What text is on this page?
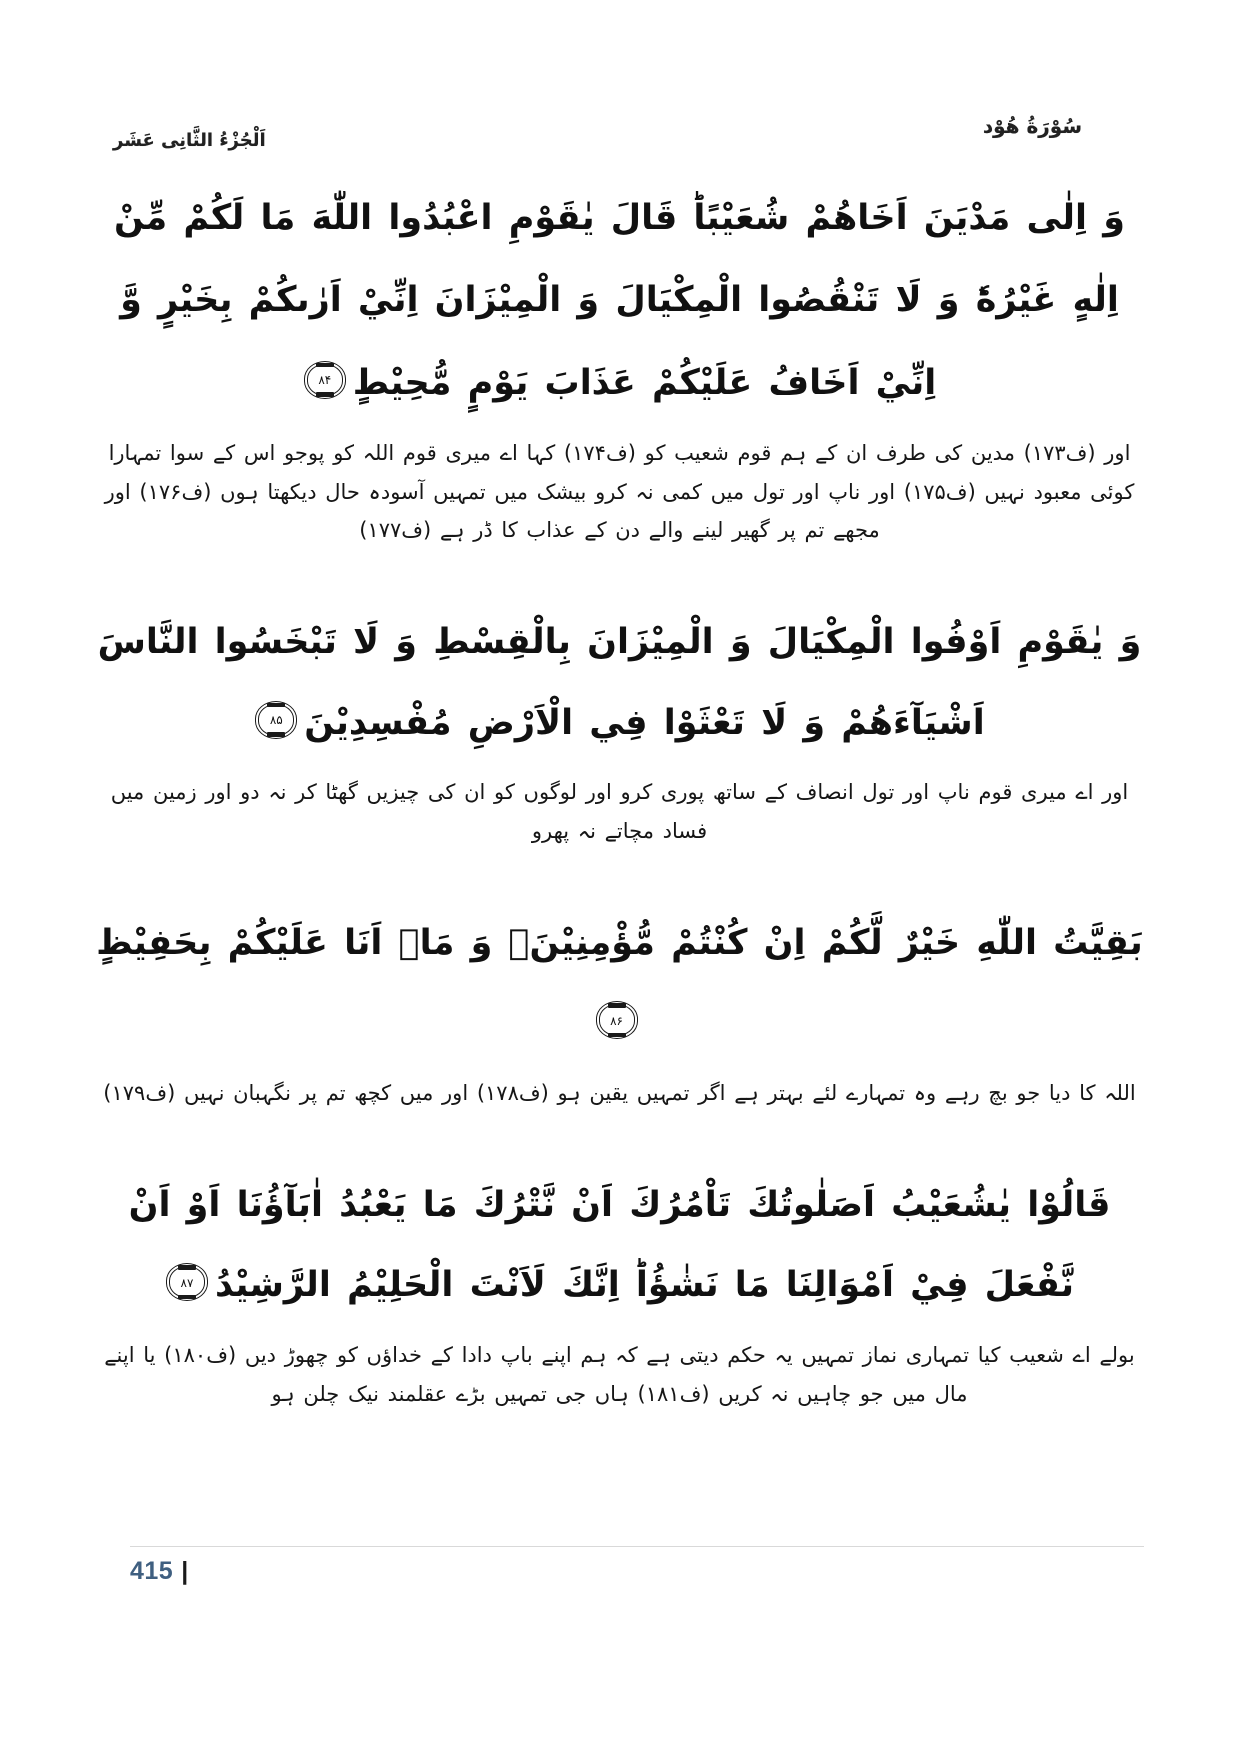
اَلْجُزْءُ الثَّانِی عَشَر
سُوْرَةُ هُوْد

وَ اِلٰى مَدْيَنَ اَخَاهُمْ شُعَيْبًاؕ قَالَ يٰقَوْمِ اعْبُدُوا اللّٰهَ مَا لَكُمْ مِّنْ اِلٰهٍ غَيْرُهٗؕ وَ لَا تَنْقُصُوا الْمِكْيَالَ وَ الْمِيْزَانَ اِنِّيْ اَرٰىكُمْ بِخَيْرٍ وَّ اِنِّيْ اَخَافُ عَلَيْكُمْ عَذَابَ يَوْمٍ مُّحِيْطٍ
۸۴

اور (ف۱۷۳) مدین کی طرف ان کے ہم قوم شعیب کو (ف۱۷۴) کہا اے میری قوم اللہ کو پوجو اس کے سوا تمہارا کوئی معبود نہیں (ف۱۷۵) اور ناپ اور تول میں کمی نہ کرو بیشک میں تمہیں آسودہ حال دیکھتا ہوں (ف۱۷۶) اور مجھے تم پر گھیر لینے والے دن کے عذاب کا ڈر ہے (ف۱۷۷)

وَ يٰقَوْمِ اَوْفُوا الْمِكْيَالَ وَ الْمِيْزَانَ بِالْقِسْطِ وَ لَا تَبْخَسُوا النَّاسَ اَشْيَآءَهُمْ وَ لَا تَعْثَوْا فِي الْاَرْضِ مُفْسِدِيْنَ
۸۵

اور اے میری قوم ناپ اور تول انصاف کے ساتھ پوری کرو اور لوگوں کو ان کی چیزیں گھٹا کر نہ دو اور زمین میں فساد مچاتے نہ پھرو

بَقِيَّتُ اللّٰهِ خَيْرٌ لَّكُمْ اِنْ كُنْتُمْ مُّؤْمِنِيْنَۚ وَ مَاۤ اَنَا عَلَيْكُمْ بِحَفِيْظٍ
۸۶

اللہ کا دیا جو بچ رہے وہ تمہارے لئے بہتر ہے اگر تمہیں یقین ہو (ف۱۷۸) اور میں کچھ تم پر نگہبان نہیں (ف۱۷۹)

قَالُوْا يٰشُعَيْبُ اَصَلٰوتُكَ تَاْمُرُكَ اَنْ نَّتْرُكَ مَا يَعْبُدُ اٰبَآؤُنَا اَوْ اَنْ نَّفْعَلَ فِيْ اَمْوَالِنَا مَا نَشٰؤُاؕ اِنَّكَ لَاَنْتَ الْحَلِيْمُ الرَّشِيْدُ
۸۷

بولے اے شعیب کیا تمہاری نماز تمہیں یہ حکم دیتی ہے کہ ہم اپنے باپ دادا کے خداؤں کو چھوڑ دیں (ف۱۸۰) یا اپنے مال میں جو چاہیں نہ کریں (ف۱۸۱) ہاں جی تمہیں بڑے عقلمند نیک چلن ہو

415 |
